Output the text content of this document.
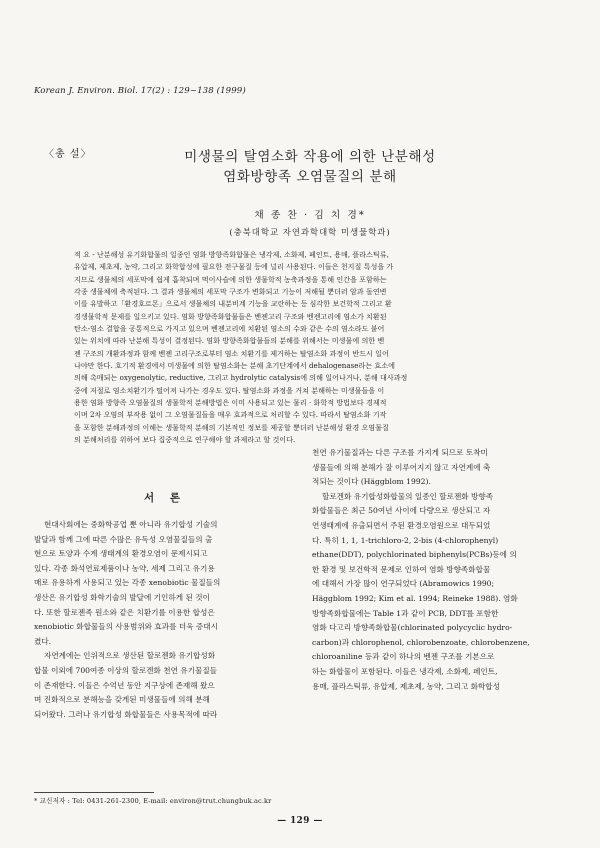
Korean J. Environ. Biol. 17(2) : 129~138 (1999)
〈총 설〉	미생물의 탈염소화 작용에 의한 난분해성
염화방향족 오염물질의 분해
채 종 찬 · 김 치 경*
(충북대학교 자연과학대학 미생물학과)
적 요 - 난분해성 유기화합물의 일종인 염화 방향족화합물은 냉각제, 소화제, 페인트, 용매, 플라스틱류,
유압제, 제초제, 농약, 그리고 화학합성에 필요한 전구물질 등에 널리 사용된다. 이들은 천지질 특성을 가
지므로 생물체의 세포막에 쉽게 흡착되며 먹이사슬에 의한 생물학적 농축과정을 통해 인간을 포함하는
각종 생물체에 축적된다. 그 결과 생물체의 세포막 구조가 변화되고 기능이 저해될 뿐더러 암과 돌연변
이를 유발하고「환경호르몬」으로서 생물체의 내분비계 기능을 교란하는 등 심각한 보건학적 그리고 환
경생물학적 문제를 일으키고 있다. 염화 방향족화합물들은 벤젠고리 구조와 벤젠고리에 염소가 치환된
탄소-염소 결합을 공통적으로 가지고 있으며 벤젠고리에 치환된 염소의 수와 같은 수의 염소라도 붙어
있는 위치에 따라 난분해 특성이 결정된다. 염화 방향족화합물들의 분해를 위해서는 미생물에 의한 벤
젠 구조의 개환과정과 함께 벤젠 고리구조로부터 염소 치환기를 제거하는 탈염소화 과정이 반드시 일어
나야만 한다. 호기적 환경에서 미생물에 의한 탈염소화는 분해 초기단계에서 dehalogenase라는 효소에
의해 촉매되는 oxygenolytic, reductive, 그리고 hydrolytic catalysis에 의해 일어나거나, 분해 대사과정
중에 저절로 염소치환기가 떨어져 나가는 경우도 있다. 탈염소화 과정을 거쳐 분해하는 미생물들을 이
용한 염화 방향족 오염물질의 생물학적 분해방법은 이미 사용되고 있는 물리 · 화학적 방법보다 경제적
이며 2차 오염의 부작용 없이 그 오염물질들을 매우 효과적으로 처리할 수 있다. 따라서 탈염소화 기작
을 포함한 분해과정의 이해는 생물학적 분해의 기본적인 정보를 제공할 뿐더러 난분해성 환경 오염물질
의 분해처리를 위하여 보다 집중적으로 연구해야 할 과제라고 할 것이다.
서 론
현대사회에는 중화학공업 뿐 아니라 유기합성 기술의
발달과 함께 그에 따른 수많은 유독성 오염물질들의 출
현으로 토양과 수계 생태계의 환경오염이 문제시되고
있다. 각종 화석연료제품이나 농약, 세제 그리고 유기용
매로 유용하게 사용되고 있는 각종 xenobiotic 물질들의
생산은 유기합성 화학기술의 발달에 기인하게 된 것이
다. 또한 할로젠족 원소와 같은 치환기를 이용한 합성은
xenobiotic 화합물들의 사용범위와 효과를 더욱 증대시
켰다.
자연계에는 인위적으로 생산된 할로젠화 유기합성화
합물 이외에 700여종 이상의 할로겐화 천연 유기물질들
이 존재한다. 이들은 수억년 동안 지구상에 존재해 왔으
며 진화적으로 분해능을 갖게된 미생물들에 의해 분해
되어왔다. 그러나 유기합성 화합물들은 사용목적에 따라
천연 유기물질과는 다른 구조를 가지게 되므로 토착미
생물들에 의해 분해가 잘 이루어지지 않고 자연계에 축
적되는 것이다 (Häggblom 1992).
할로겐화 유기합성화합물의 일종인 할로젠화 방향족
화합물들은 최근 50여년 사이에 다량으로 생산되고 자
연생태계에 유출되면서 주된 환경오염원으로 대두되었
다. 특히 1, 1, 1-trichloro-2, 2-bis (4-chlorophenyl)
ethane(DDT), polychlorinated biphenyls(PCBs)등에 의
한 환경 및 보건학적 문제로 인하여 염화 방향족화합물
에 대해서 가장 많이 연구되었다 (Abramowics 1990;
Häggblom 1992; Kim et al. 1994; Reineke 1988). 염화
방향족화합물에는 Table 1과 같이 PCB, DDT를 포함한
염화 다고리 방향족화합물(chlorinated polycyclic hydro-
carbon)과 chlorophenol, chlorobenzoate, chlorobenzene,
chloroaniline 등과 같이 하나의 벤젠 구조를 기본으로
하는 화합물이 포함된다. 이들은 냉각제, 소화제, 페인트,
용매, 플라스틱류, 유압제, 제초제, 농약, 그리고 화학합성
* 교신저자 : Tel: 0431-261-2300, E-mail: environ@trut.chungbuk.ac.kr
— 129 —
